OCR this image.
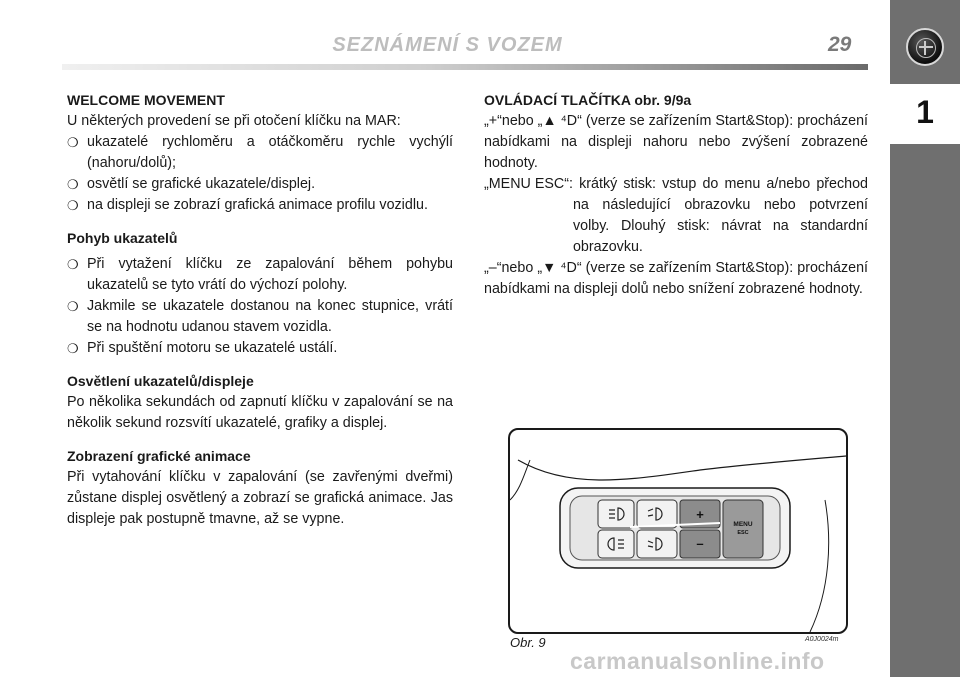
SEZNÁMENÍ S VOZEM	29
1
WELCOME MOVEMENT

U některých provedení se při otočení klíčku na MAR:

❍ ukazatelé rychloměru a otáčkoměru rychle vychýlí (nahoru/dolů);
❍ osvětlí se grafické ukazatele/displej.
❍ na displeji se zobrazí grafická animace profilu vozidlu.
Pohyb ukazatelů
❍ Při vytažení klíčku ze zapalování během pohybu ukazatelů se tyto vrátí do výchozí polohy.
❍ Jakmile se ukazatele dostanou na konec stupnice, vrátí se na hodnotu udanou stavem vozidla.
❍ Při spuštění motoru se ukazatelé ustálí.
Osvětlení ukazatelů/displeje

Po několika sekundách od zapnutí klíčku v zapalování se na několik sekund rozsvítí ukazatelé, grafiky a displej.

Zobrazení grafické animace

Při vytahování klíčku v zapalování (se zavřenými dveřmi) zůstane displej osvětlený a zobrazí se grafická animace. Jas displeje pak postupně tmavne, až se vypne.

OVLÁDACÍ TLAČÍTKA obr. 9/9a

„+“nebo „▲ ⁴D“ (verze se zařízením Start&Stop): procházení nabídkami na displeji nahoru nebo zvýšení zobrazené hodnoty.

„MENU ESC“: krátký stisk: vstup do menu a/nebo přechod na následující obrazovku nebo potvrzení volby. Dlouhý stisk: návrat na standardní obrazovku.

„–“nebo „▼ ⁴D“ (verze se zařízením Start&Stop): procházení nabídkami na displeji dolů nebo snížení zobrazené hodnoty.

+
–
MENU
ESC
Obr. 9	A0J0024m
carmanualsonline.info
